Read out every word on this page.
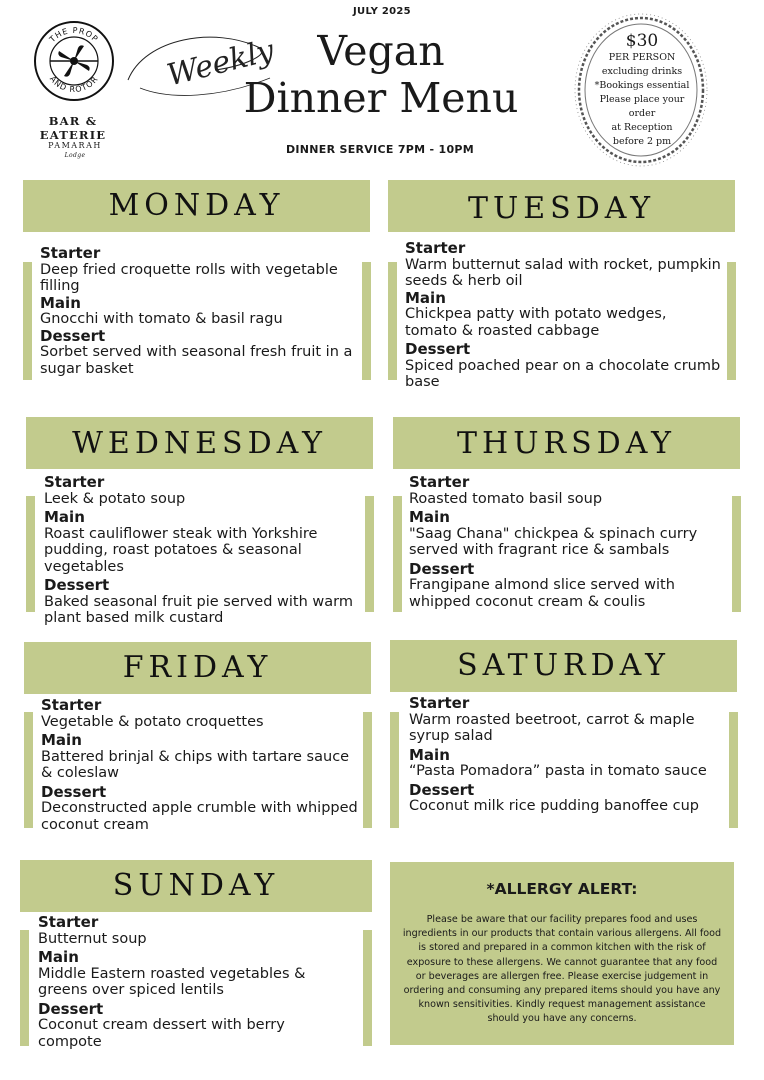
JULY 2025
THE PROP
AND ROTOR
BAR & EATERIE
PAMARAH
Lodge
Weekly Vegan
Dinner Menu
DINNER SERVICE 7PM - 10PM
$30
PER PERSON
excluding drinks
*Bookings essential
Please place your order
at Reception
before 2 pm
MONDAY
Starter
Deep fried croquette rolls with vegetable filling
Main
Gnocchi with tomato & basil ragu
Dessert
Sorbet served with seasonal fresh fruit in a sugar basket
TUESDAY
Starter
Warm butternut salad with rocket, pumpkin seeds & herb oil
Main
Chickpea patty with potato wedges, tomato & roasted cabbage
Dessert
Spiced poached pear on a chocolate crumb base
WEDNESDAY
Starter
Leek & potato soup
Main
Roast cauliflower steak with Yorkshire pudding, roast potatoes & seasonal vegetables
Dessert
Baked seasonal fruit pie served with warm plant based milk custard
THURSDAY
Starter
Roasted tomato basil soup
Main
"Saag Chana" chickpea & spinach curry served with fragrant rice & sambals
Dessert
Frangipane almond slice served with whipped coconut cream & coulis
FRIDAY
Starter
Vegetable & potato croquettes
Main
Battered brinjal & chips with tartare sauce & coleslaw
Dessert
Deconstructed apple crumble with whipped coconut cream
SATURDAY
Starter
Warm roasted beetroot, carrot & maple syrup salad
Main
“Pasta Pomadora” pasta in tomato sauce
Dessert
Coconut milk rice pudding banoffee cup
SUNDAY
Starter
Butternut soup
Main
Middle Eastern roasted vegetables & greens over spiced lentils
Dessert
Coconut cream dessert with berry compote
*ALLERGY ALERT:
Please be aware that our facility prepares food and uses ingredients in our products that contain various allergens. All food is stored and prepared in a common kitchen with the risk of exposure to these allergens. We cannot guarantee that any food or beverages are allergen free. Please exercise judgement in ordering and consuming any prepared items should you have any known sensitivities. Kindly request management assistance should you have any concerns.
